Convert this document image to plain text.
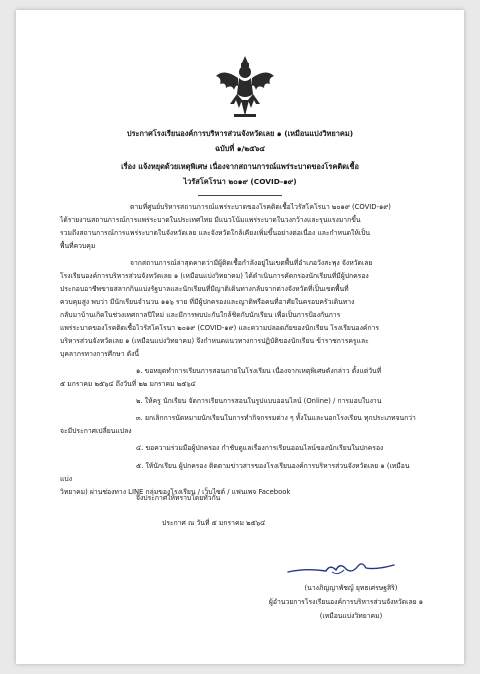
ประกาศโรงเรียนองค์การบริหารส่วนจังหวัดเลย ๑ (เหมือนแบ่งวิทยาคม)
ฉบับที่ ๑/๒๕๖๔
เรื่อง แจ้งหยุดด้วยเหตุพิเศษ เนื่องจากสถานการณ์แพร่ระบาดของโรคติดเชื้อ
ไวรัสโคโรนา ๒๐๑๙ (COVID-๑๙)

ตามที่ศูนย์บริหารสถานการณ์แพร่ระบาดของโรคติดเชื้อไวรัสโคโรนา ๒๐๑๙ (COVID-๑๙)

ได้รายงานสถานการณ์การแพร่ระบาดในประเทศไทย มีแนวโน้มแพร่ระบาดในวงกว้างและรุนแรงมากขึ้น

รวมถึงสถานการณ์การแพร่ระบาดในจังหวัดเลย และจังหวัดใกล้เคียงเพิ่มขึ้นอย่างต่อเนื่อง และกำหนดให้เป็น

พื้นที่ควบคุม

จากสถานการณ์ล่าสุดคาดว่ามีผู้ติดเชื้อกำลังอยู่ในเขตพื้นที่อำเภอวังสะพุง จังหวัดเลย

โรงเรียนองค์การบริหารส่วนจังหวัดเลย ๑ (เหมือนแบ่งวิทยาคม) ได้ดำเนินการคัดกรองนักเรียนที่มีผู้ปกครอง

ประกอบอาชีพขายสลากกินแบ่งรัฐบาลและนักเรียนที่มีญาติเดินทางกลับจากต่างจังหวัดที่เป็นเขตพื้นที่

ควบคุมสูง พบว่า มีนักเรียนจำนวน ๑๑๖ ราย ที่มีผู้ปกครองและญาติพรือคนที่อาศัยในครอบครัวเดินทาง

กลับมาบ้านเกิดในช่วงเทศกาลปีใหม่ และมีการพบปะกันใกล้ชิดกับนักเรียน เพื่อเป็นการป้องกันการ

แพร่ระบาดของโรคติดเชื้อไวรัสโคโรนา ๒๐๑๙ (COVID-๑๙) และความปลอดภัยของนักเรียน โรงเรียนองค์การ

บริหารส่วนจังหวัดเลย ๑ (เหมือนแบ่งวิทยาคม) จึงกำหนดแนวทางการปฏิบัติของนักเรียน ข้าราชการครูและ

บุคลากรทางการศึกษา ดังนี้

๑. ขอหยุดทำการเรียนการสอนภายในโรงเรียน เนื่องจากเหตุพิเศษดังกล่าว ตั้งแต่วันที่

๕ มกราคม ๒๕๖๔ ถึงวันที่ ๒๒ มกราคม ๒๕๖๔

๒. ให้ครู นักเรียน จัดการเรียนการสอนในรูปแบบออนไลน์ (Online) / การมอบใบงาน

๓. ยกเลิกการนัดหมายนักเรียนในการทำกิจกรรมต่าง ๆ ทั้งในและนอกโรงเรียน ทุกประเภทจนกว่า

จะมีประกาศเปลี่ยนแปลง

๔. ขอความร่วมมือผู้ปกครอง กำชับดูแลเรื่องการเรียนออนไลน์ของนักเรียนในปกครอง

๕. ให้นักเรียน ผู้ปกครอง ติดตามข่าวสารของโรงเรียนองค์การบริหารส่วนจังหวัดเลย ๑ (เหมือนแบ่ง

วิทยาคม) ผ่านช่องทาง LINE กลุ่มของโรงเรียน / เว็บไซต์ / แฟนเพจ Facebook

จึงประกาศให้ทราบโดยทั่วกัน

ประกาศ ณ วันที่ ๕ มกราคม ๒๕๖๔

(นางภิญญาพัชญ์ ยุทธเศรษฐสิริ)
ผู้อำนวยการโรงเรียนองค์การบริหารส่วนจังหวัดเลย ๑
(เหมือนแบ่งวิทยาคม)
